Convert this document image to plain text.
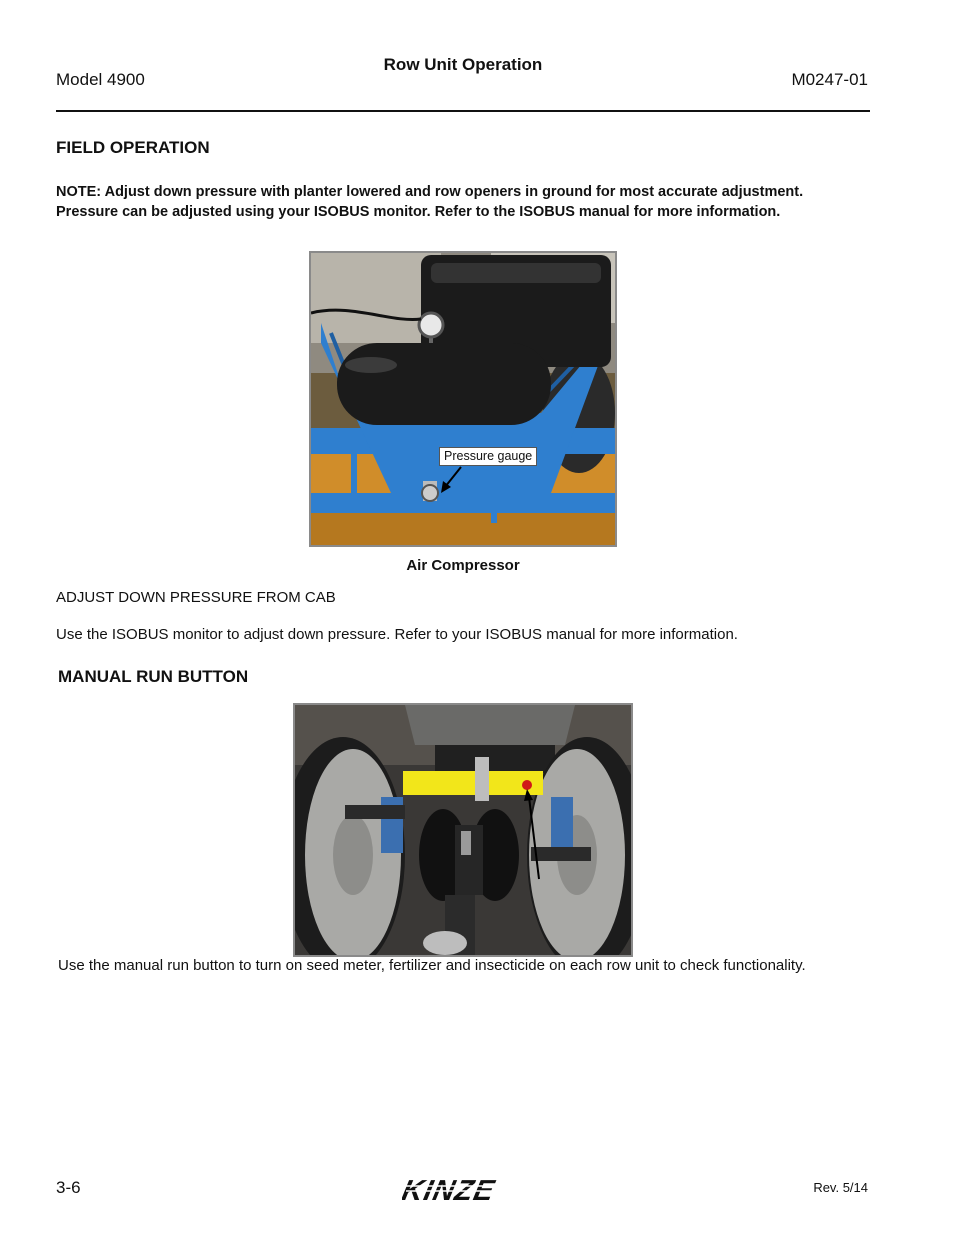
Model 4900
Row Unit Operation
M0247-01
FIELD OPERATION
NOTE: Adjust down pressure with planter lowered and row openers in ground for most accurate adjustment.
Pressure can be adjusted using your ISOBUS monitor. Refer to the ISOBUS manual for more information.
Pressure gauge
Air Compressor
ADJUST DOWN PRESSURE FROM CAB
Use the ISOBUS monitor to adjust down pressure. Refer to your ISOBUS manual for more information.
MANUAL RUN BUTTON
Use the manual run button to turn on seed meter, fertilizer and insecticide on each row unit to check functionality.
3-6	KINZE	Rev. 5/14
